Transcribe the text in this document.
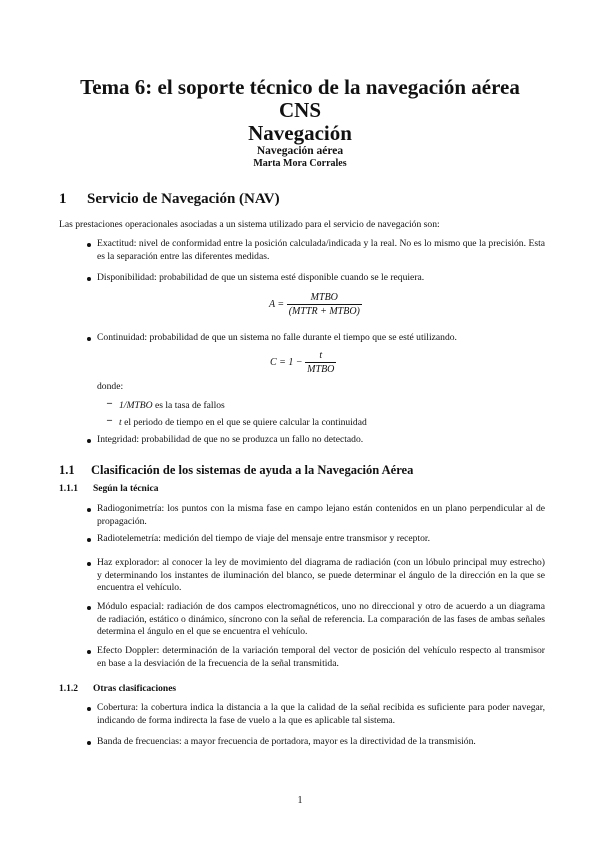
Tema 6: el soporte técnico de la navegación aérea
CNS
Navegación
Navegación aérea
Marta Mora Corrales
1 Servicio de Navegación (NAV)
Las prestaciones operacionales asociadas a un sistema utilizado para el servicio de navegación son:
Exactitud: nivel de conformidad entre la posición calculada/indicada y la real. No es lo mismo que la precisión. Esta es la separación entre las diferentes medidas.
Disponibilidad: probabilidad de que un sistema esté disponible cuando se le requiera.
$A = \frac{\text{MTBO}}{\text{(MTTR + MTBO)}}$
Continuidad: probabilidad de que un sistema no falle durante el tiempo que se esté utilizando.
$C = 1 - \frac{t}{\text{MTBO}}$
donde:
– 1/MTBO es la tasa de fallos
– t el periodo de tiempo en el que se quiere calcular la continuidad
Integridad: probabilidad de que no se produzca un fallo no detectado.
1.1 Clasificación de los sistemas de ayuda a la Navegación Aérea
1.1.1 Según la técnica
Radiogonimetría: los puntos con la misma fase en campo lejano están contenidos en un plano perpendicular al de propagación.
Radiotelemetría: medición del tiempo de viaje del mensaje entre transmisor y receptor.
Haz explorador: al conocer la ley de movimiento del diagrama de radiación (con un lóbulo principal muy estrecho) y determinando los instantes de iluminación del blanco, se puede determinar el ángulo de la dirección en la que se encuentra el vehículo.
Módulo espacial: radiación de dos campos electromagnéticos, uno no direccional y otro de acuerdo a un diagrama de radiación, estático o dinámico, síncrono con la señal de referencia. La comparación de las fases de ambas señales determina el ángulo en el que se encuentra el vehículo.
Efecto Doppler: determinación de la variación temporal del vector de posición del vehículo respecto al transmisor en base a la desviación de la frecuencia de la señal transmitida.
1.1.2 Otras clasificaciones
Cobertura: la cobertura indica la distancia a la que la calidad de la señal recibida es suficiente para poder navegar, indicando de forma indirecta la fase de vuelo a la que es aplicable tal sistema.
Banda de frecuencias: a mayor frecuencia de portadora, mayor es la directividad de la transmisión.
1
